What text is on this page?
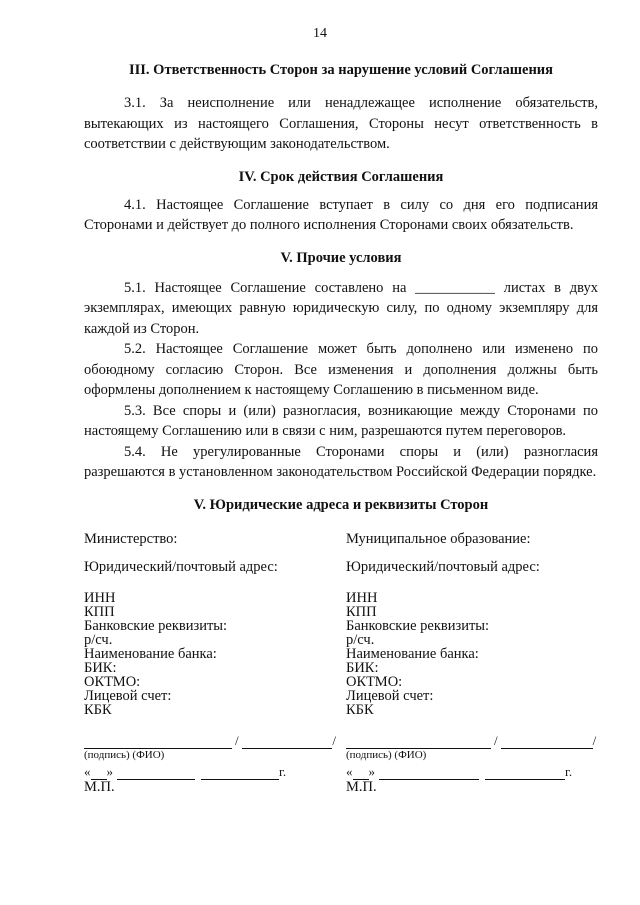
14
III. Ответственность Сторон за нарушение условий Соглашения

3.1. За неисполнение или ненадлежащее исполнение обязательств, вытекающих из настоящего Соглашения, Стороны несут ответственность в соответствии с действующим законодательством.

IV. Срок действия Соглашения

4.1. Настоящее Соглашение вступает в силу со дня его подписания Сторонами и действует до полного исполнения Сторонами своих обязательств.

V. Прочие условия

5.1. Настоящее Соглашение составлено на ___________ листах в двух экземплярах, имеющих равную юридическую силу, по одному экземпляру для каждой из Сторон.

5.2. Настоящее Соглашение может быть дополнено или изменено по обоюдному согласию Сторон. Все изменения и дополнения должны быть оформлены дополнением к настоящему Соглашению в письменном виде.

5.3. Все споры и (или) разногласия, возникающие между Сторонами по настоящему Соглашению или в связи с ним, разрешаются путем переговоров.

5.4. Не урегулированные Сторонами споры и (или) разногласия разрешаются в установленном законодательством Российской Федерации порядке.

V. Юридические адреса и реквизиты Сторон
Министерство:
Юридический/почтовый адрес:
ИНН
КПП
Банковские реквизиты:
р/сч.
Наименование банка:
БИК:
ОКТМО:
Лицевой счет:
КБК
/	/
(подпись) (ФИО)
« »	г.
М.П.
Муниципальное образование:
Юридический/почтовый адрес:
ИНН
КПП
Банковские реквизиты:
р/сч.
Наименование банка:
БИК:
ОКТМО:
Лицевой счет:
КБК
/	/
(подпись) (ФИО)
« »	г.
М.П.
